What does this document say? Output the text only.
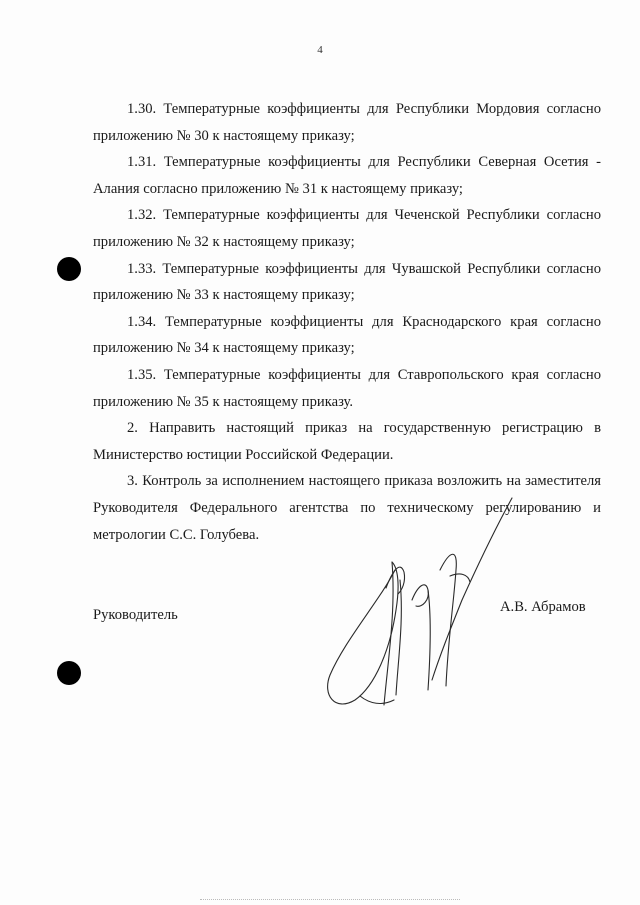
4

1.30. Температурные коэффициенты для Республики Мордовия согласно приложению № 30 к настоящему приказу;

1.31. Температурные коэффициенты для Республики Северная Осетия - Алания согласно приложению № 31 к настоящему приказу;

1.32. Температурные коэффициенты для Чеченской Республики согласно приложению № 32 к настоящему приказу;

1.33. Температурные коэффициенты для Чувашской Республики согласно приложению № 33 к настоящему приказу;

1.34. Температурные коэффициенты для Краснодарского края согласно приложению № 34 к настоящему приказу;

1.35. Температурные коэффициенты для Ставропольского края согласно приложению № 35 к настоящему приказу.

2. Направить настоящий приказ на государственную регистрацию в Министерство юстиции Российской Федерации.

3. Контроль за исполнением настоящего приказа возложить на заместителя Руководителя Федерального агентства по техническому регулированию и метрологии С.С. Голубева.

Руководитель	А.В. Абрамов
